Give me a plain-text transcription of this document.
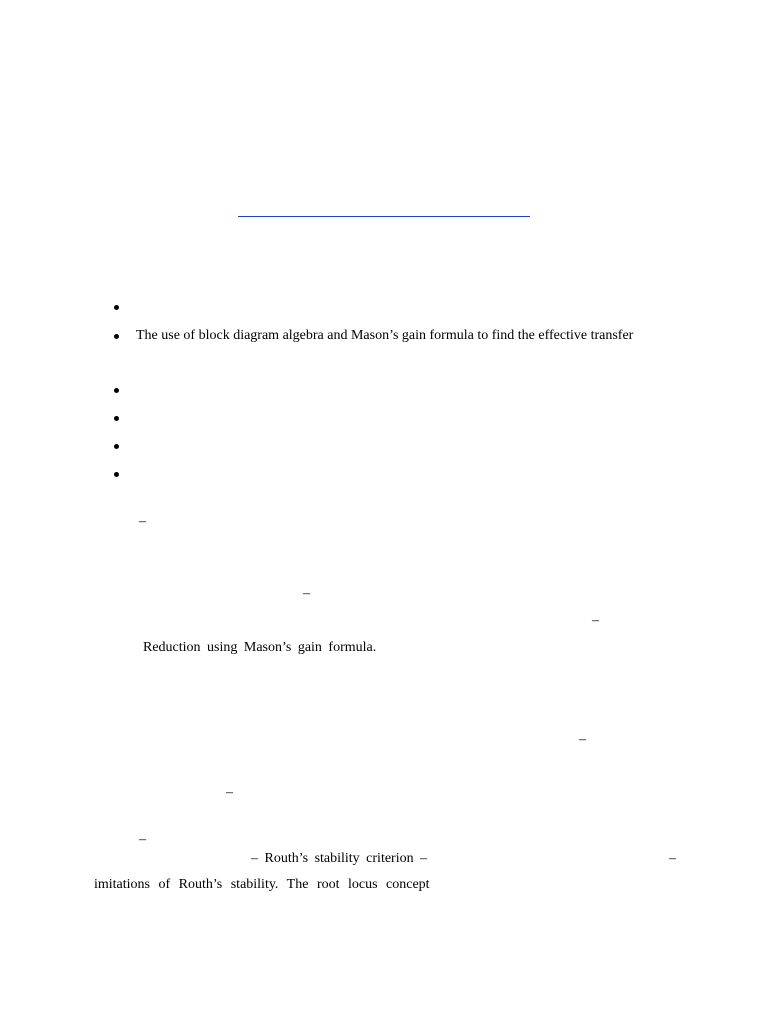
The use of block diagram algebra and Mason’s gain formula to find the effective transfer
–
–
–
Reduction using Mason’s gain formula.
–
–
–
– Routh’s stability criterion –	–
imitations of Routh’s stability. The root locus concept
